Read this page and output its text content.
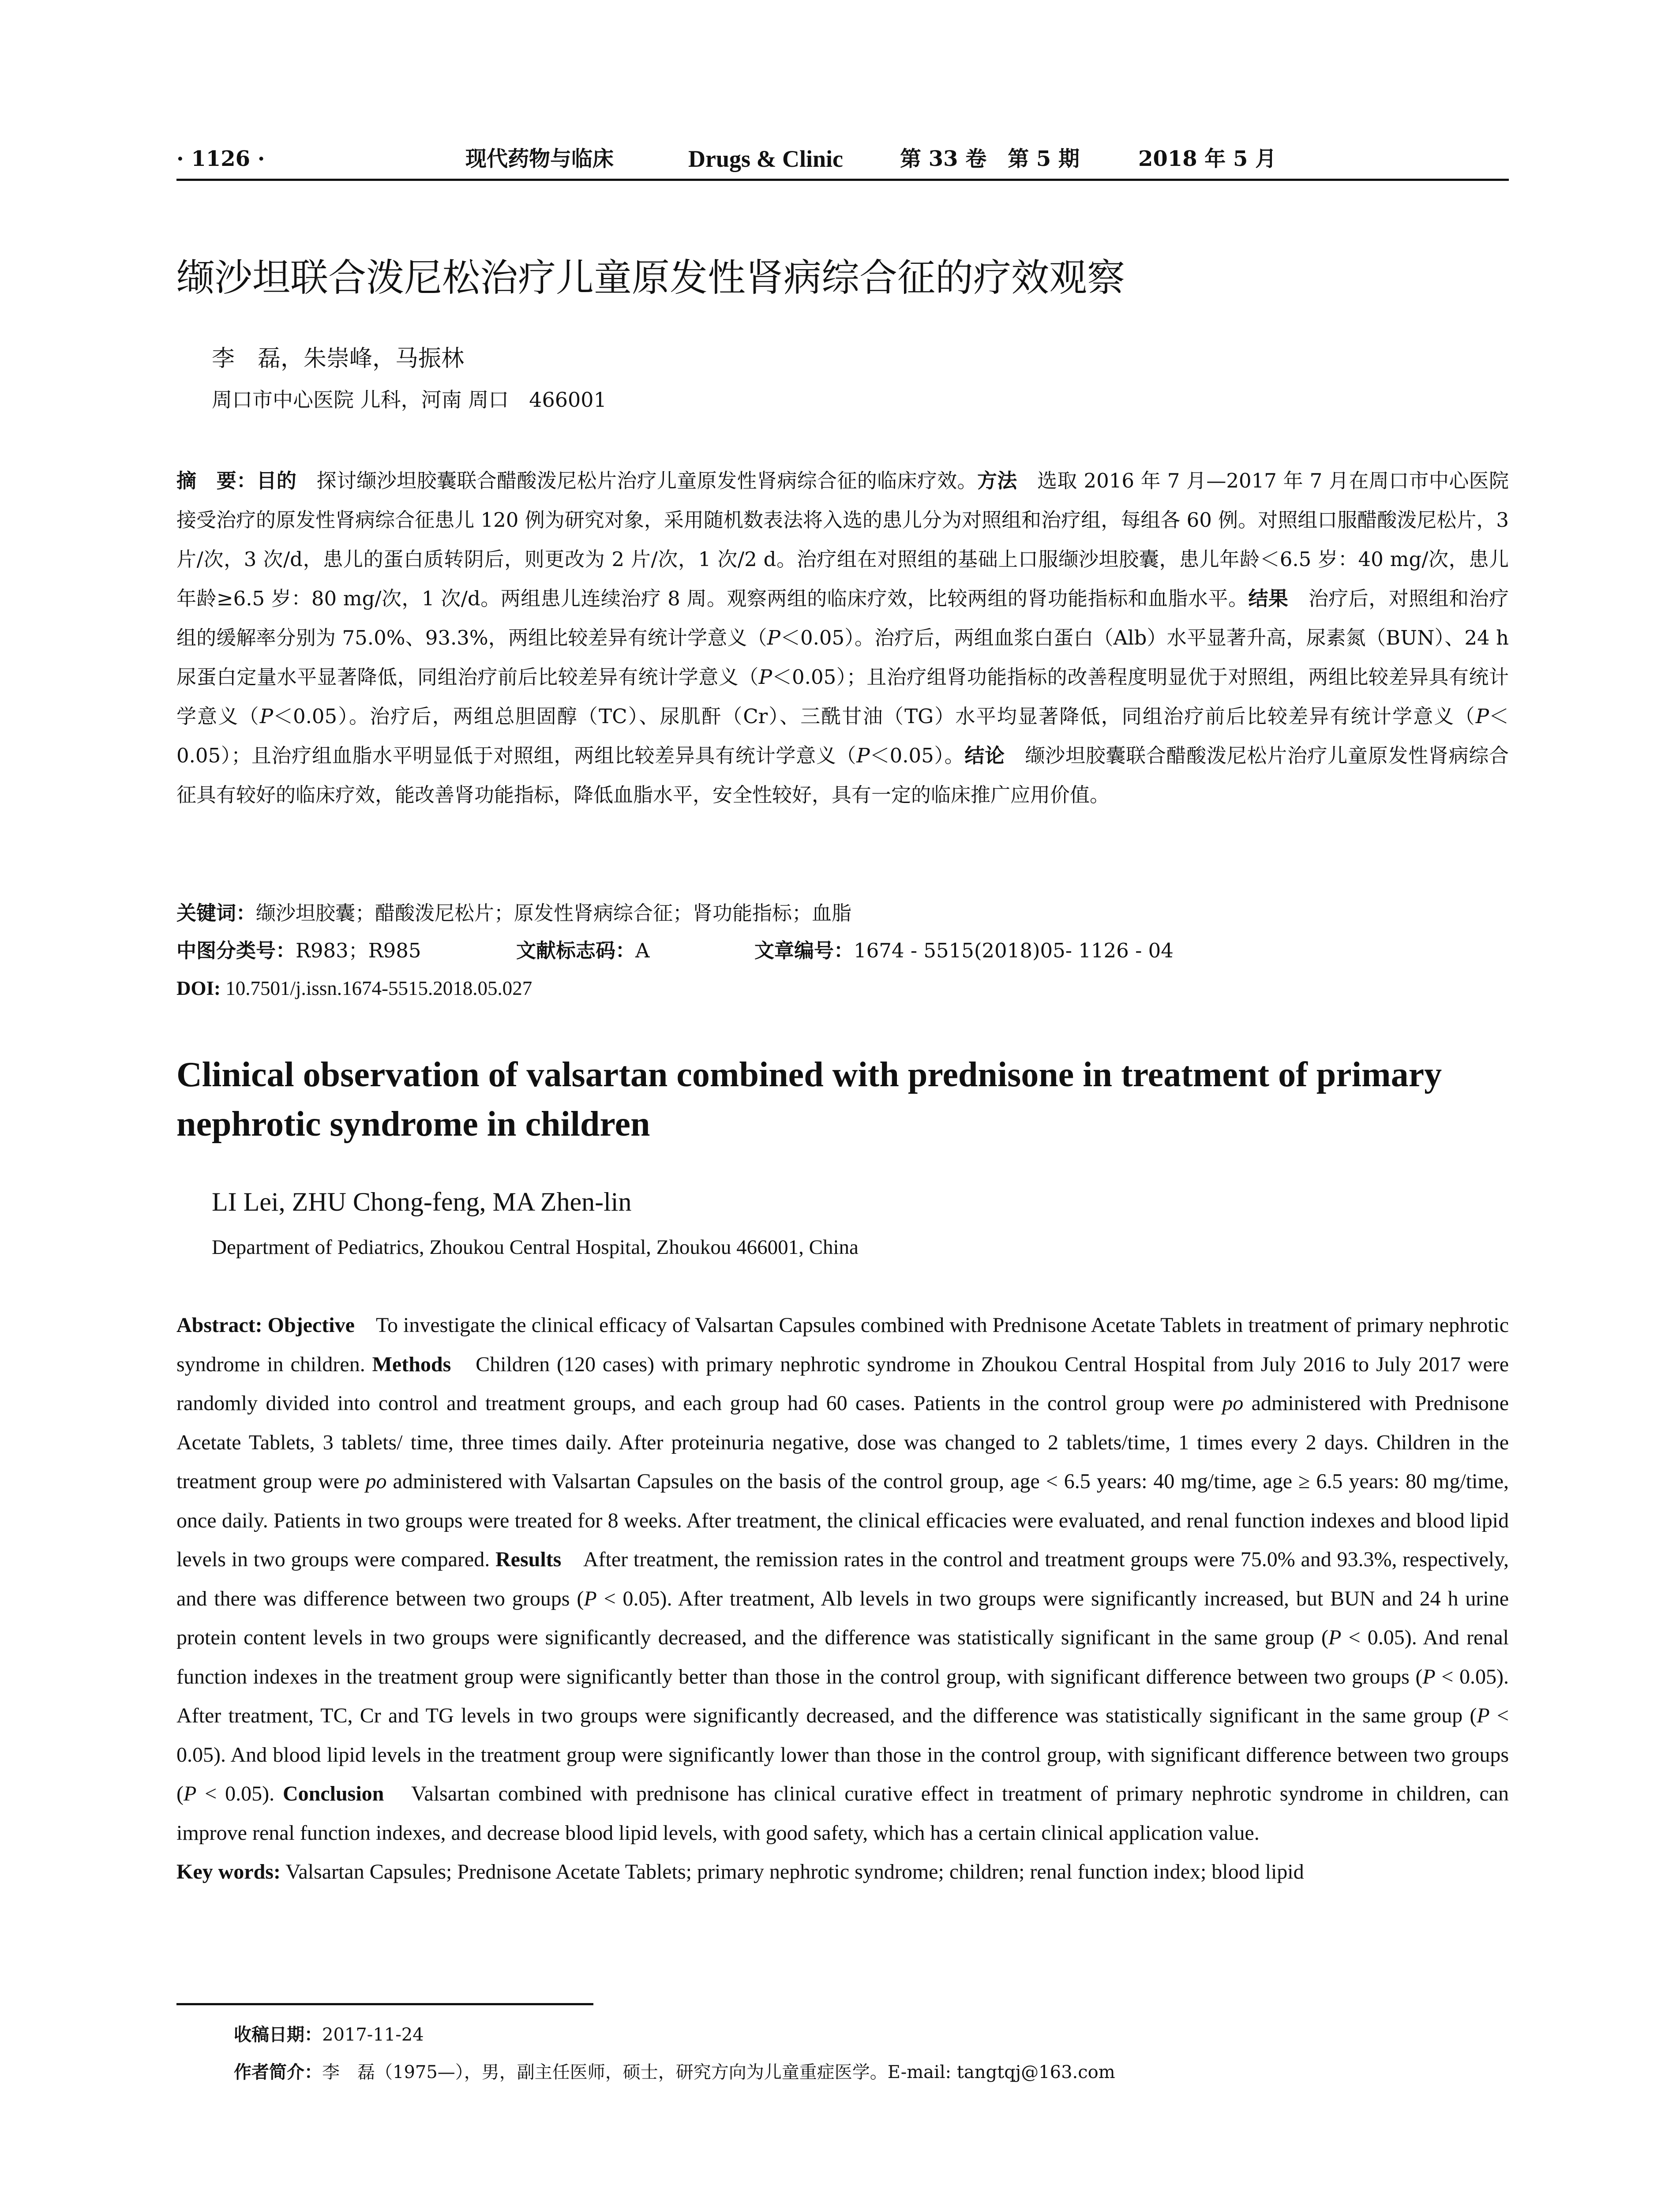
· 1126 ·	现代药物与临床	Drugs & Clinic	第 33 卷　第 5 期	2018 年 5 月
缬沙坦联合泼尼松治疗儿童原发性肾病综合征的疗效观察
李　磊，朱崇峰，马振林
周口市中心医院 儿科，河南 周口　466001

摘　要：目的　探讨缬沙坦胶囊联合醋酸泼尼松片治疗儿童原发性肾病综合征的临床疗效。方法　选取 2016 年 7 月—2017 年 7 月在周口市中心医院接受治疗的原发性肾病综合征患儿 120 例为研究对象，采用随机数表法将入选的患儿分为对照组和治疗组，每组各 60 例。对照组口服醋酸泼尼松片，3 片/次，3 次/d，患儿的蛋白质转阴后，则更改为 2 片/次，1 次/2 d。治疗组在对照组的基础上口服缬沙坦胶囊，患儿年龄＜6.5 岁：40 mg/次，患儿年龄≥6.5 岁：80 mg/次，1 次/d。两组患儿连续治疗 8 周。观察两组的临床疗效，比较两组的肾功能指标和血脂水平。结果　治疗后，对照组和治疗组的缓解率分别为 75.0%、93.3%，两组比较差异有统计学意义（P＜0.05）。治疗后，两组血浆白蛋白（Alb）水平显著升高，尿素氮（BUN）、24 h 尿蛋白定量水平显著降低，同组治疗前后比较差异有统计学意义（P＜0.05）；且治疗组肾功能指标的改善程度明显优于对照组，两组比较差异具有统计学意义（P＜0.05）。治疗后，两组总胆固醇（TC）、尿肌酐（Cr）、三酰甘油（TG）水平均显著降低，同组治疗前后比较差异有统计学意义（P＜0.05）；且治疗组血脂水平明显低于对照组，两组比较差异具有统计学意义（P＜0.05）。结论　缬沙坦胶囊联合醋酸泼尼松片治疗儿童原发性肾病综合征具有较好的临床疗效，能改善肾功能指标，降低血脂水平，安全性较好，具有一定的临床推广应用价值。

关键词：缬沙坦胶囊；醋酸泼尼松片；原发性肾病综合征；肾功能指标；血脂
中图分类号：R983；R985	文献标志码：A	文章编号：1674 - 5515(2018)05- 1126 - 04
DOI: 10.7501/j.issn.1674-5515.2018.05.027
Clinical observation of valsartan combined with prednisone in treatment of primary nephrotic syndrome in children
LI Lei, ZHU Chong-feng, MA Zhen-lin
Department of Pediatrics, Zhoukou Central Hospital, Zhoukou 466001, China

Abstract: Objective　To investigate the clinical efficacy of Valsartan Capsules combined with Prednisone Acetate Tablets in treatment of primary nephrotic syndrome in children. Methods　Children (120 cases) with primary nephrotic syndrome in Zhoukou Central Hospital from July 2016 to July 2017 were randomly divided into control and treatment groups, and each group had 60 cases. Patients in the control group were po administered with Prednisone Acetate Tablets, 3 tablets/ time, three times daily. After proteinuria negative, dose was changed to 2 tablets/time, 1 times every 2 days. Children in the treatment group were po administered with Valsartan Capsules on the basis of the control group, age < 6.5 years: 40 mg/time, age ≥ 6.5 years: 80 mg/time, once daily. Patients in two groups were treated for 8 weeks. After treatment, the clinical efficacies were evaluated, and renal function indexes and blood lipid levels in two groups were compared. Results　After treatment, the remission rates in the control and treatment groups were 75.0% and 93.3%, respectively, and there was difference between two groups (P < 0.05). After treatment, Alb levels in two groups were significantly increased, but BUN and 24 h urine protein content levels in two groups were significantly decreased, and the difference was statistically significant in the same group (P < 0.05). And renal function indexes in the treatment group were significantly better than those in the control group, with significant difference between two groups (P < 0.05). After treatment, TC, Cr and TG levels in two groups were significantly decreased, and the difference was statistically significant in the same group (P < 0.05). And blood lipid levels in the treatment group were significantly lower than those in the control group, with significant difference between two groups (P < 0.05). Conclusion　Valsartan combined with prednisone has clinical curative effect in treatment of primary nephrotic syndrome in children, can improve renal function indexes, and decrease blood lipid levels, with good safety, which has a certain clinical application value.
Key words: Valsartan Capsules; Prednisone Acetate Tablets; primary nephrotic syndrome; children; renal function index; blood lipid

收稿日期：2017-11-24
作者简介：李　磊（1975—），男，副主任医师，硕士，研究方向为儿童重症医学。E-mail: tangtqj@163.com
